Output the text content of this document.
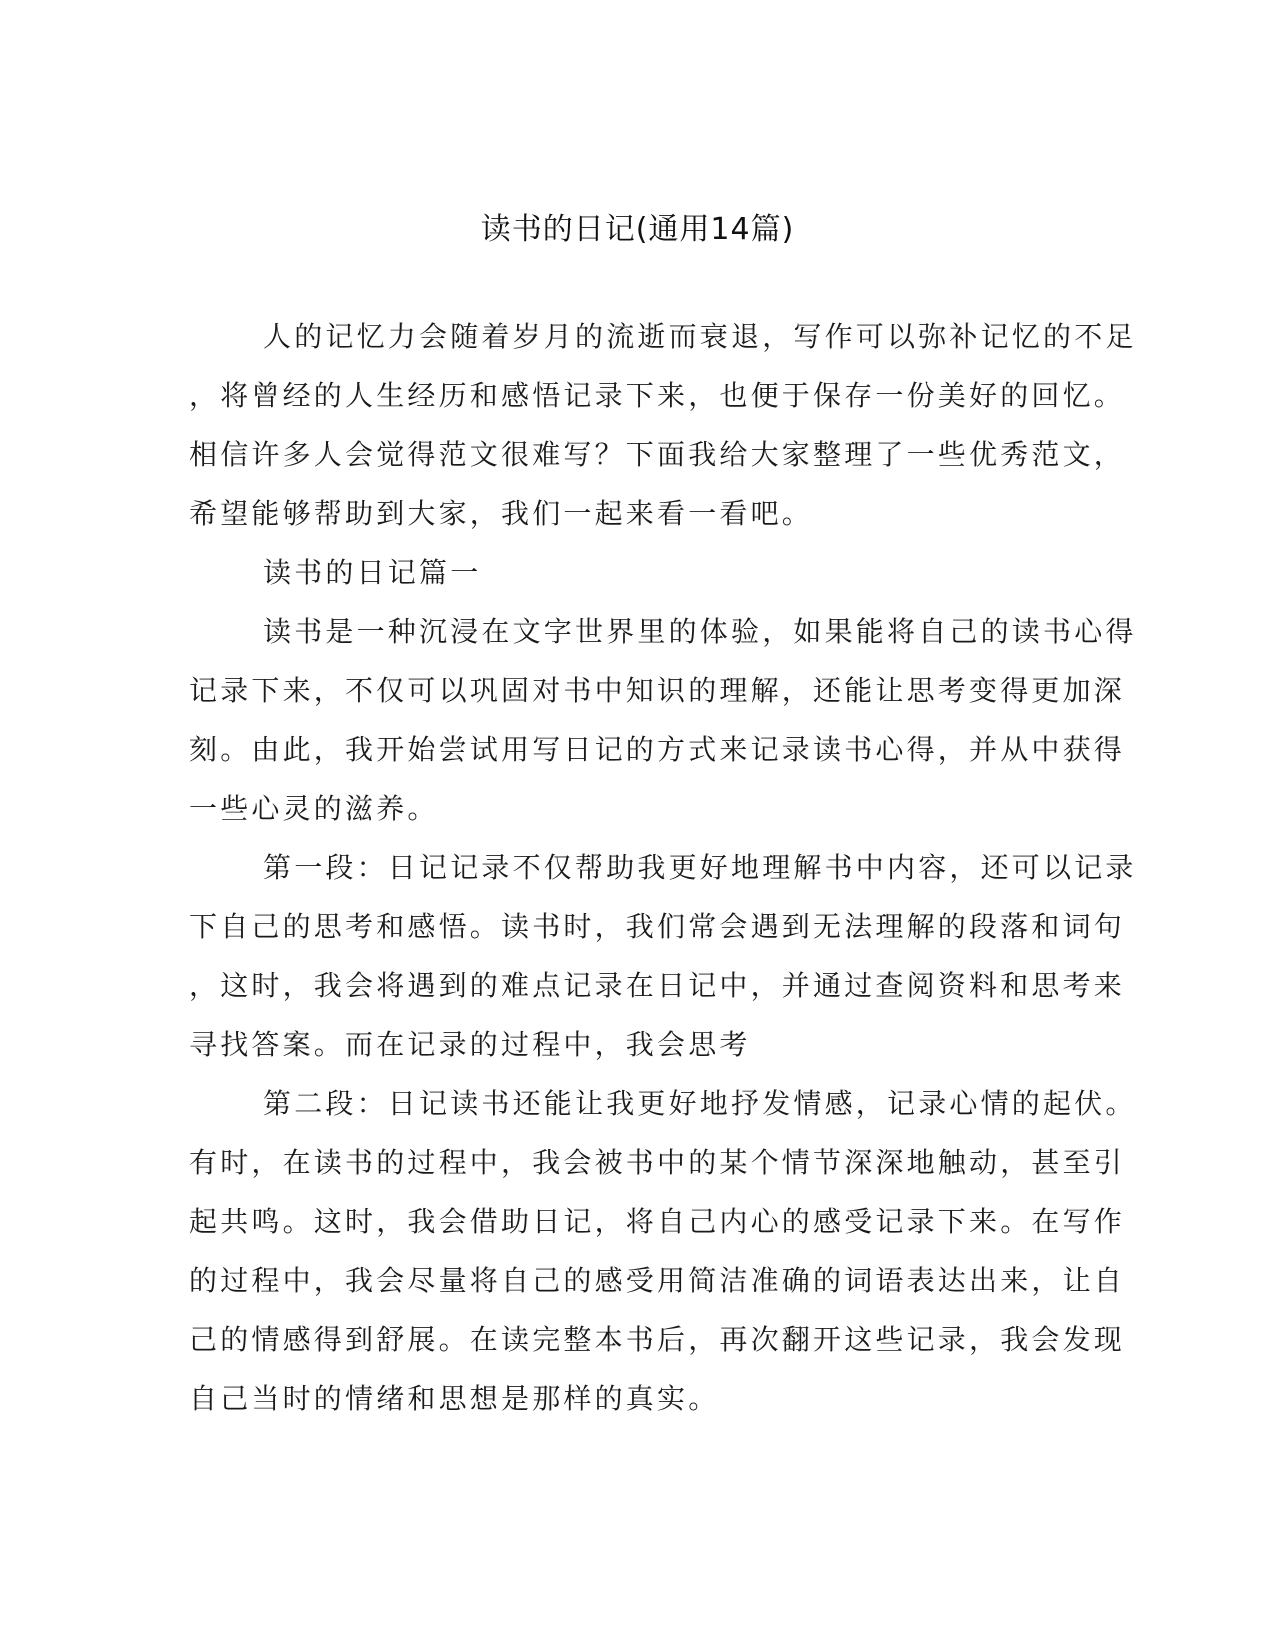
读书的日记(通用14篇)
人的记忆力会随着岁月的流逝而衰退，写作可以弥补记忆的不足
，将曾经的人生经历和感悟记录下来，也便于保存一份美好的回忆。
相信许多人会觉得范文很难写？下面我给大家整理了一些优秀范文，
希望能够帮助到大家，我们一起来看一看吧。
读书的日记篇一
读书是一种沉浸在文字世界里的体验，如果能将自己的读书心得
记录下来，不仅可以巩固对书中知识的理解，还能让思考变得更加深
刻。由此，我开始尝试用写日记的方式来记录读书心得，并从中获得
一些心灵的滋养。
第一段：日记记录不仅帮助我更好地理解书中内容，还可以记录
下自己的思考和感悟。读书时，我们常会遇到无法理解的段落和词句
，这时，我会将遇到的难点记录在日记中，并通过查阅资料和思考来
寻找答案。而在记录的过程中，我会思考
第二段：日记读书还能让我更好地抒发情感，记录心情的起伏。
有时，在读书的过程中，我会被书中的某个情节深深地触动，甚至引
起共鸣。这时，我会借助日记，将自己内心的感受记录下来。在写作
的过程中，我会尽量将自己的感受用简洁准确的词语表达出来，让自
己的情感得到舒展。在读完整本书后，再次翻开这些记录，我会发现
自己当时的情绪和思想是那样的真实。
